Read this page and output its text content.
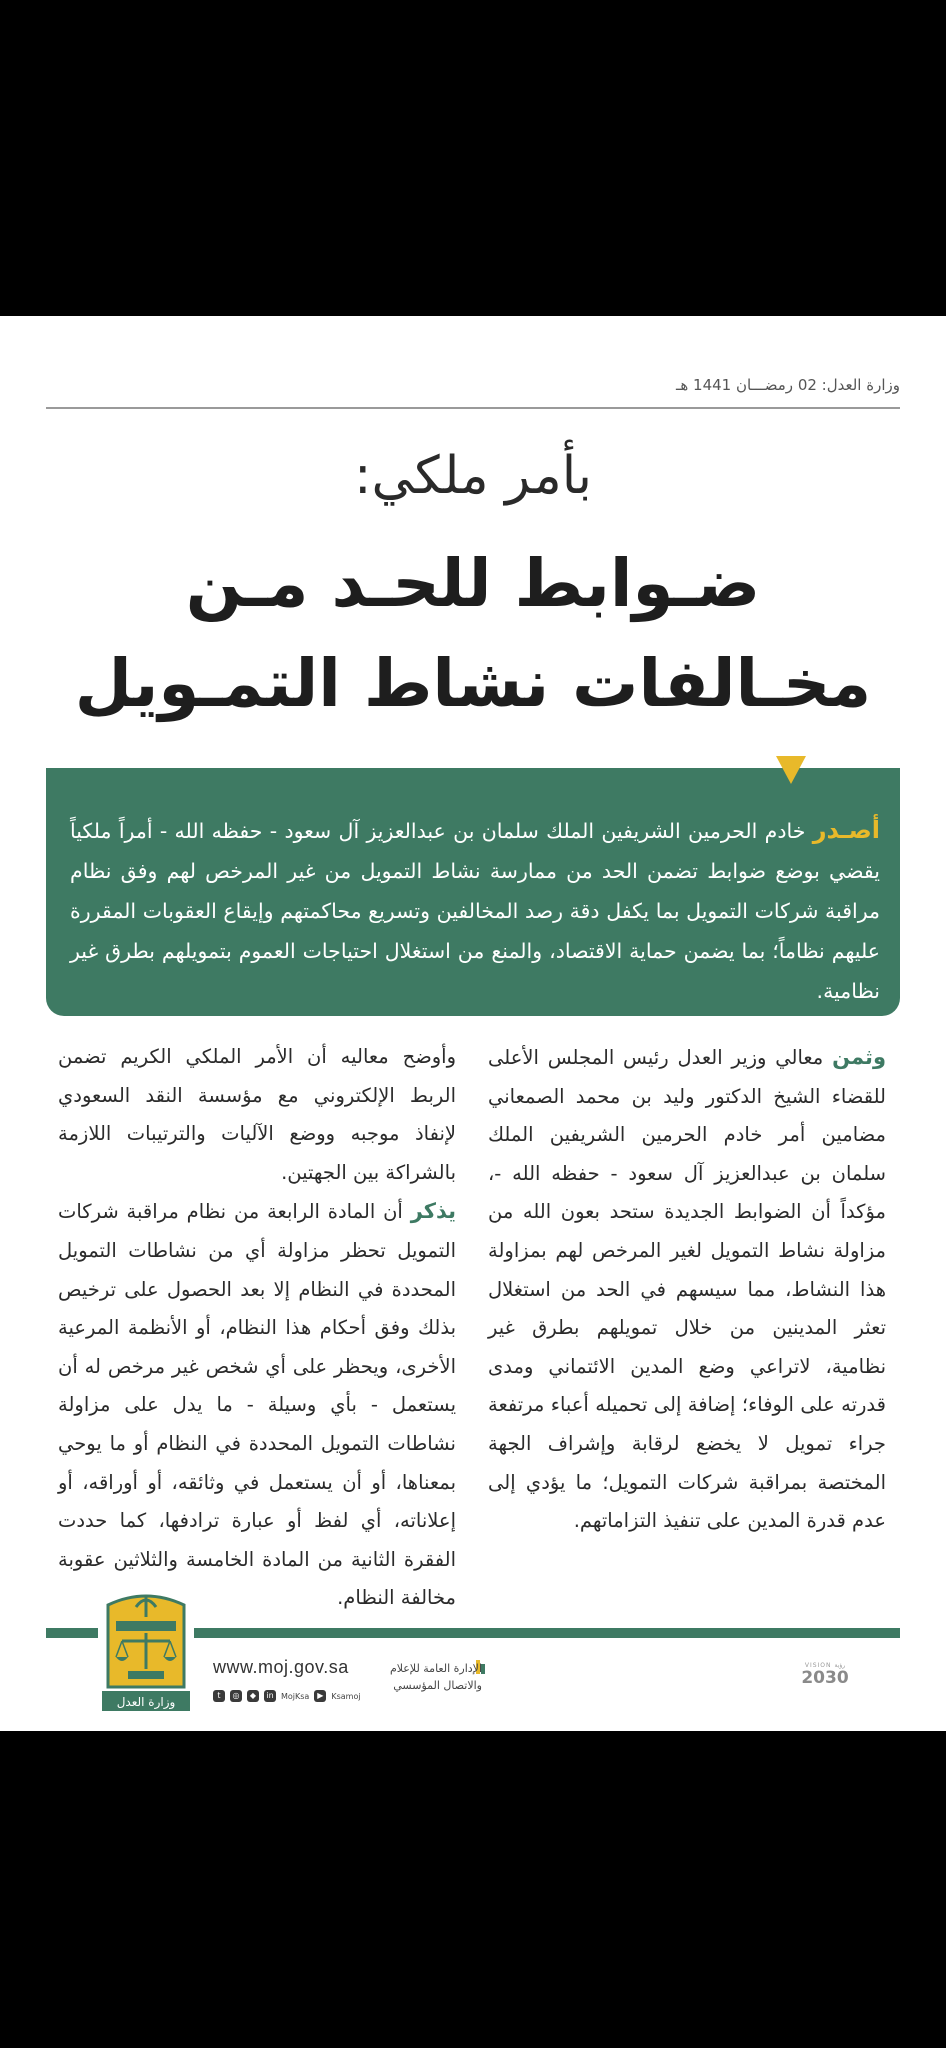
وزارة العدل: 02 رمضـــان 1441 هـ
بأمر ملكي:
ضـوابط للحـد مـن
مخـالفات نشاط التمـويل
أصـدر خادم الحرمين الشريفين الملك سلمان بن عبدالعزيز آل سعود - حفظه الله - أمراً ملكياً يقضي بوضع ضوابط تضمن الحد من ممارسة نشاط التمويل من غير المرخص لهم وفق نظام مراقبة شركات التمويل بما يكفل دقة رصد المخالفين وتسريع محاكمتهم وإيقاع العقوبات المقررة عليهم نظاماً؛ بما يضمن حماية الاقتصاد، والمنع من استغلال احتياجات العموم بتمويلهم بطرق غير نظامية.

وثمن معالي وزير العدل رئيس المجلس الأعلى للقضاء الشيخ الدكتور وليد بن محمد الصمعاني مضامين أمر خادم الحرمين الشريفين الملك سلمان بن عبدالعزيز آل سعود - حفظه الله -، مؤكداً أن الضوابط الجديدة ستحد بعون الله من مزاولة نشاط التمويل لغير المرخص لهم بمزاولة هذا النشاط، مما سيسهم في الحد من استغلال تعثر المدينين من خلال تمويلهم بطرق غير نظامية، لاتراعي وضع المدين الائتماني ومدى قدرته على الوفاء؛ إضافة إلى تحميله أعباء مرتفعة جراء تمويل لا يخضع لرقابة وإشراف الجهة المختصة بمراقبة شركات التمويل؛ ما يؤدي إلى عدم قدرة المدين على تنفيذ التزاماتهم.

وأوضح معاليه أن الأمر الملكي الكريم تضمن الربط الإلكتروني مع مؤسسة النقد السعودي لإنفاذ موجبه ووضع الآليات والترتيبات اللازمة بالشراكة بين الجهتين.

يذكر أن المادة الرابعة من نظام مراقبة شركات التمويل تحظر مزاولة أي من نشاطات التمويل المحددة في النظام إلا بعد الحصول على ترخيص بذلك وفق أحكام هذا النظام، أو الأنظمة المرعية الأخرى، ويحظر على أي شخص غير مرخص له أن يستعمل - بأي وسيلة - ما يدل على مزاولة نشاطات التمويل المحددة في النظام أو ما يوحي بمعناها، أو أن يستعمل في وثائقه، أو أوراقه، أو إعلاناته، أي لفظ أو عبارة ترادفها، كما حددت الفقرة الثانية من المادة الخامسة والثلاثين عقوبة مخالفة النظام.

وزارة العدل
www.moj.gov.sa
t	◎	◆	in MojKsa ▶ Ksamoj
الإدارة العامة للإعلام
والاتصال المؤسسي
VISION رؤية
2030
